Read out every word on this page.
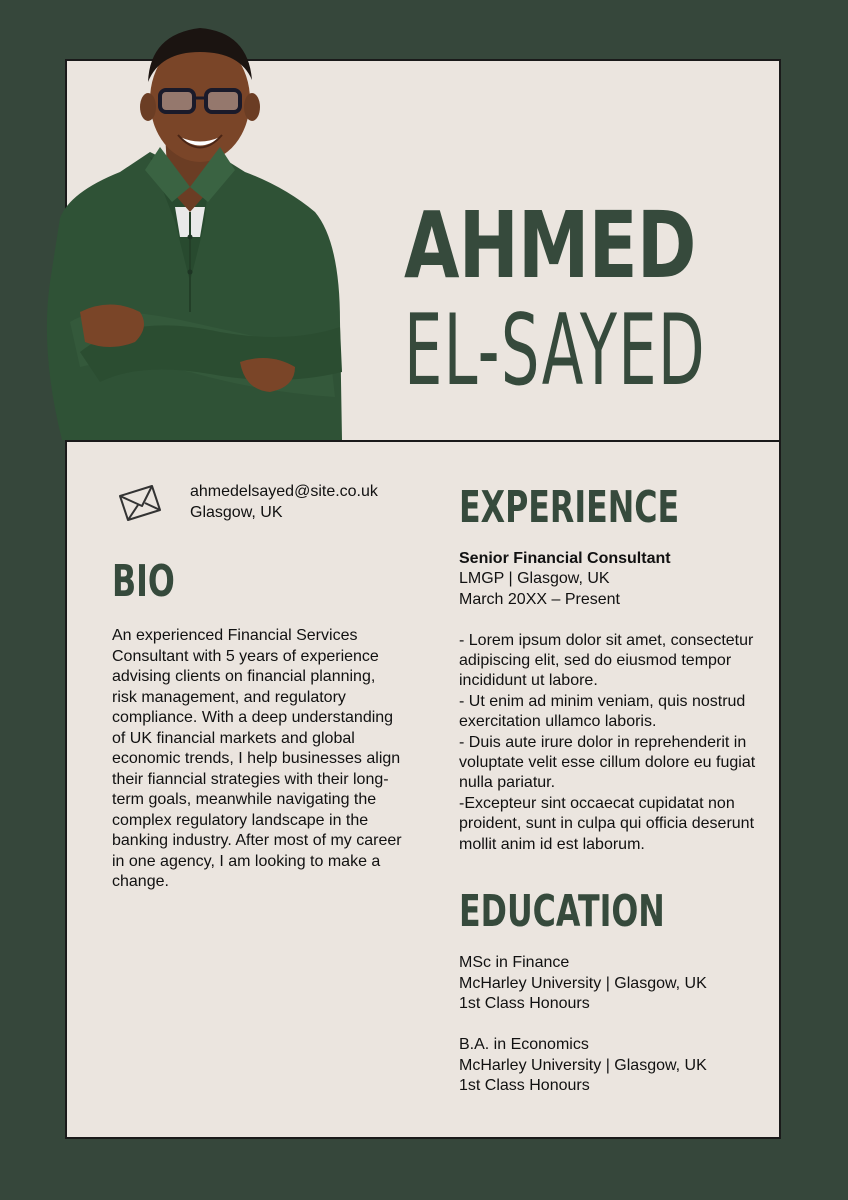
AHMED
EL-SAYED
ahmedelsayed@site.co.uk
Glasgow, UK
BIO
An experienced Financial Services Consultant with 5 years of experience advising clients on financial planning, risk management, and regulatory compliance. With a deep understanding of UK financial markets and global economic trends, I help businesses align their fianncial strategies with their long-term goals, meanwhile navigating the complex regulatory landscape in the banking industry. After most of my career in one agency, I am looking to make a change.
EXPERIENCE
Senior Financial Consultant
LMGP | Glasgow, UK
March 20XX – Present
- Lorem ipsum dolor sit amet, consectetur adipiscing elit, sed do eiusmod tempor incididunt ut labore.
- Ut enim ad minim veniam, quis nostrud exercitation ullamco laboris.
- Duis aute irure dolor in reprehenderit in voluptate velit esse cillum dolore eu fugiat nulla pariatur.
-Excepteur sint occaecat cupidatat non proident, sunt in culpa qui officia deserunt mollit anim id est laborum.
EDUCATION
MSc in Finance
McHarley University | Glasgow, UK
1st Class Honours
B.A. in Economics
McHarley University | Glasgow, UK
1st Class Honours
